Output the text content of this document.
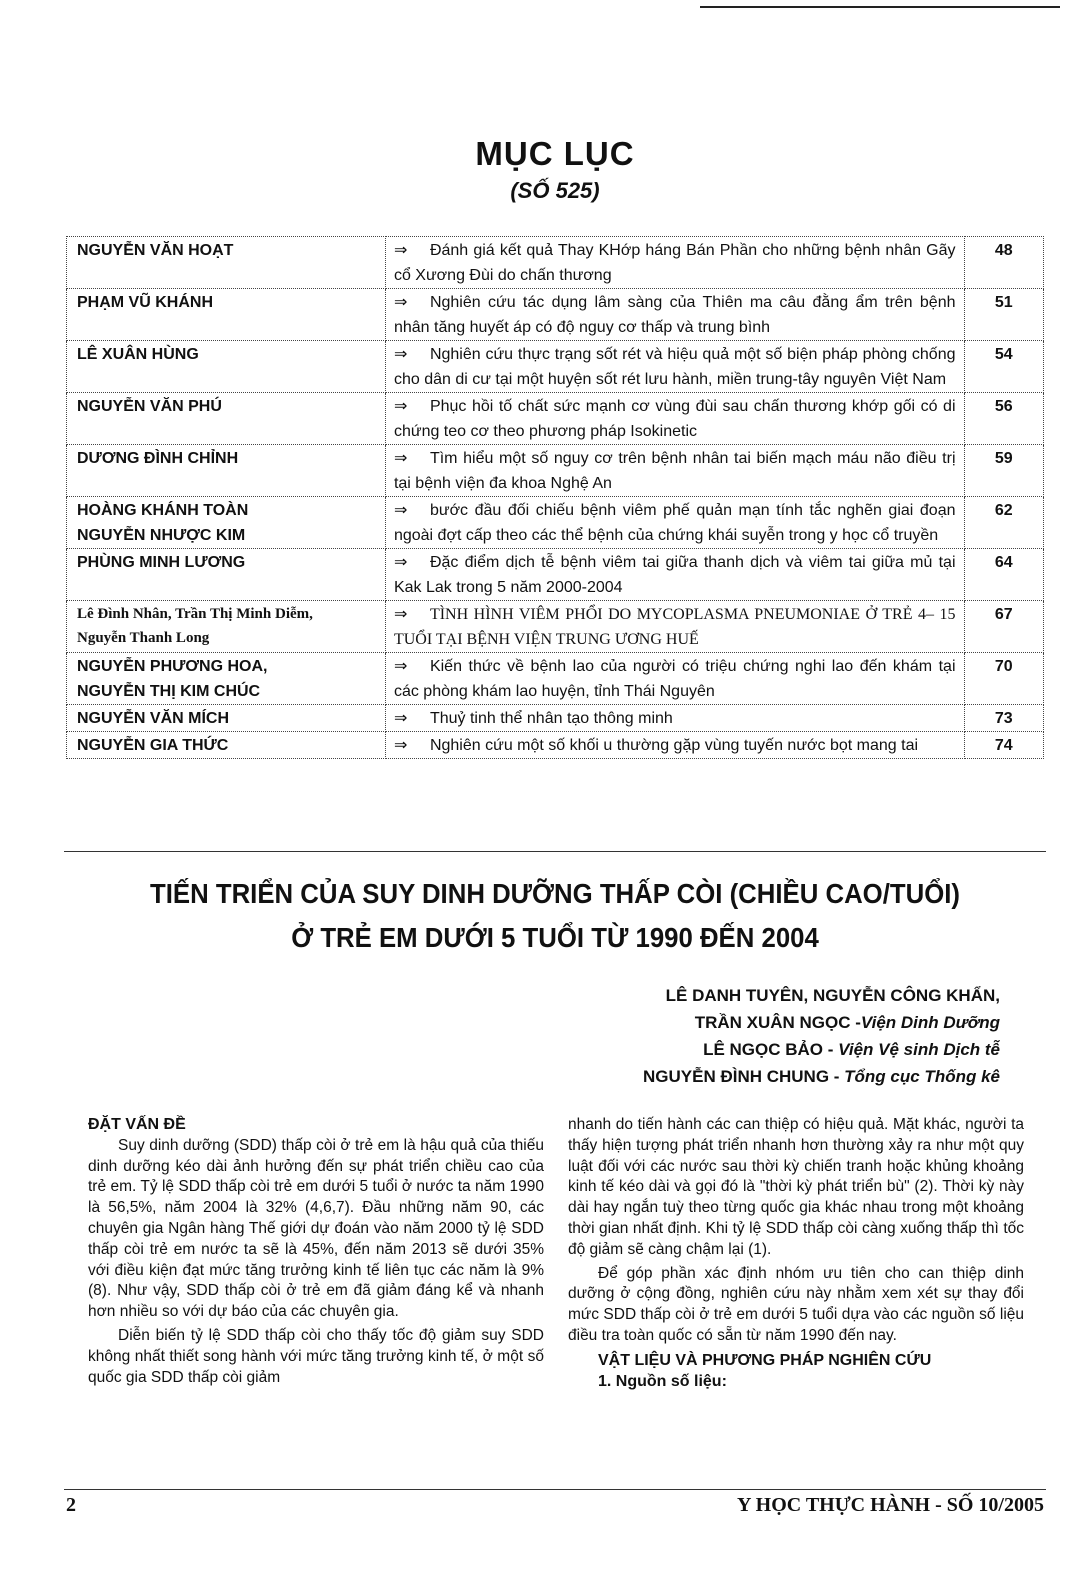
MỤC LỤC
(SỐ 525)
NGUYỄN VĂN HOẠT	⇒ Đánh giá kết quả Thay KHớp háng Bán Phần cho những bệnh nhân Gãy cổ Xương Đùi do chấn thương	48

PHẠM VŨ KHÁNH	⇒ Nghiên cứu tác dụng lâm sàng của Thiên ma câu đằng ẩm trên bệnh nhân tăng huyết áp có độ nguy cơ thấp và trung bình	51

LÊ XUÂN HÙNG	⇒ Nghiên cứu thực trạng sốt rét và hiệu quả một số biện pháp phòng chống cho dân di cư tại một huyện sốt rét lưu hành, miền trung-tây nguyên Việt Nam	54

NGUYỄN VĂN PHÚ	⇒ Phục hồi tố chất sức mạnh cơ vùng đùi sau chấn thương khớp gối có di chứng teo cơ theo phương pháp Isokinetic	56

DƯƠNG ĐÌNH CHỈNH	⇒ Tìm hiểu một số nguy cơ trên bệnh nhân tai biến mạch máu não điều trị tại bệnh viện đa khoa Nghệ An	59

HOÀNG KHÁNH TOÀN
NGUYỄN NHƯỢC KIM	⇒ bước đầu đối chiếu bệnh viêm phế quản mạn tính tắc nghẽn giai đoạn ngoài đợt cấp theo các thể bệnh của chứng khái suyễn trong y học cổ truyền	62

PHÙNG MINH LƯƠNG	⇒ Đặc điểm dịch tễ bệnh viêm tai giữa thanh dịch và viêm tai giữa mủ tại Kak Lak trong 5 năm 2000-2004	64

Lê Đình Nhân, Trần Thị Minh Diễm,
Nguyễn Thanh Long	⇒ TÌNH HÌNH VIÊM PHỔI DO MYCOPLASMA PNEUMONIAE Ở TRẺ 4– 15 TUỔI TẠI BỆNH VIỆN TRUNG ƯƠNG HUẾ	67

NGUYỄN PHƯƠNG HOA,
NGUYỄN THỊ KIM CHÚC	⇒ Kiến thức về bệnh lao của người có triệu chứng nghi lao đến khám tại các phòng khám lao huyện, tỉnh Thái Nguyên	70

NGUYỄN VĂN MÍCH	⇒ Thuỷ tinh thể nhân tạo thông minh	73

NGUYỄN GIA THỨC	⇒ Nghiên cứu một số khối u thường gặp vùng tuyến nước bọt mang tai	74
TIẾN TRIỂN CỦA SUY DINH DƯỠNG THẤP CÒI (CHIỀU CAO/TUỔI)
Ở TRẺ EM DƯỚI 5 TUỔI TỪ 1990 ĐẾN 2004
LÊ DANH TUYÊN, NGUYỄN CÔNG KHẨN,
TRẦN XUÂN NGỌC -Viện Dinh Dưỡng
LÊ NGỌC BẢO - Viện Vệ sinh Dịch tễ
NGUYỄN ĐÌNH CHUNG - Tổng cục Thống kê
ĐẶT VẤN ĐỀ

Suy dinh dưỡng (SDD) thấp còi ở trẻ em là hậu quả của thiếu dinh dưỡng kéo dài ảnh hưởng đến sự phát triển chiều cao của trẻ em. Tỷ lệ SDD thấp còi trẻ em dưới 5 tuổi ở nước ta năm 1990 là 56,5%, năm 2004 là 32% (4,6,7). Đầu những năm 90, các chuyên gia Ngân hàng Thế giới dự đoán vào năm 2000 tỷ lệ SDD thấp còi trẻ em nước ta sẽ là 45%, đến năm 2013 sẽ dưới 35% với điều kiện đạt mức tăng trưởng kinh tế liên tục các năm là 9% (8). Như vậy, SDD thấp còi ở trẻ em đã giảm đáng kể và nhanh hơn nhiều so với dự báo của các chuyên gia.

Diễn biến tỷ lệ SDD thấp còi cho thấy tốc độ giảm suy SDD không nhất thiết song hành với mức tăng trưởng kinh tế, ở một số quốc gia SDD thấp còi giảm

nhanh do tiến hành các can thiệp có hiệu quả. Mặt khác, người ta thấy hiện tượng phát triển nhanh hơn thường xảy ra như một quy luật đối với các nước sau thời kỳ chiến tranh hoặc khủng khoảng kinh tế kéo dài và gọi đó là "thời kỳ phát triển bù" (2). Thời kỳ này dài hay ngắn tuỳ theo từng quốc gia khác nhau trong một khoảng thời gian nhất định. Khi tỷ lệ SDD thấp còi càng xuống thấp thì tốc độ giảm sẽ càng chậm lại (1).

Để góp phần xác định nhóm ưu tiên cho can thiệp dinh dưỡng ở cộng đồng, nghiên cứu này nhằm xem xét sự thay đổi mức SDD thấp còi ở trẻ em dưới 5 tuổi dựa vào các nguồn số liệu điều tra toàn quốc có sẵn từ năm 1990 đến nay.

VẬT LIỆU VÀ PHƯƠNG PHÁP NGHIÊN CỨU
1. Nguồn số liệu:
2	Y HỌC THỰC HÀNH - SỐ 10/2005
